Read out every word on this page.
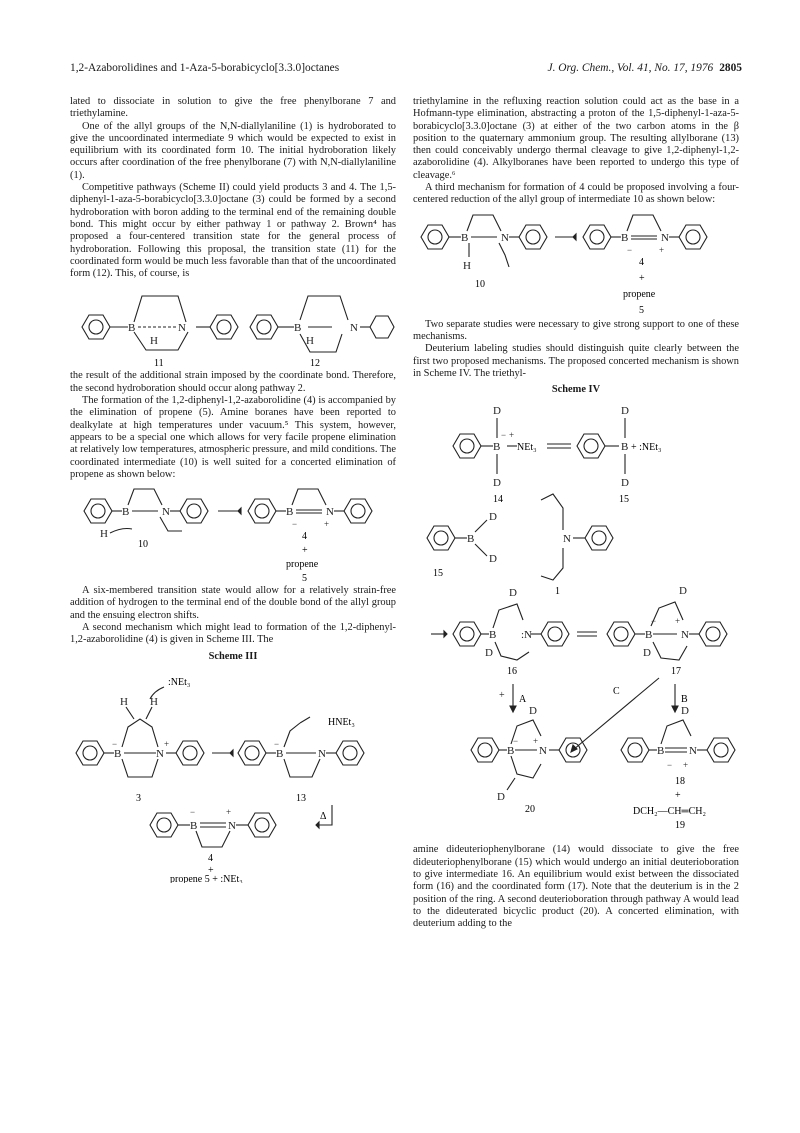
1,2-Azaborolidines and 1-Aza-5-borabicyclo[3.3.0]octanes	J. Org. Chem., Vol. 41, No. 17, 1976 2805

lated to dissociate in solution to give the free phenylborane 7 and triethylamine.

One of the allyl groups of the N,N-diallylaniline (1) is hydroborated to give the uncoordinated intermediate 9 which would be expected to exist in equilibrium with its coordinated form 10. The initial hydroboration likely occurs after coordination of the free phenylborane (7) with N,N-diallylaniline (1).

Competitive pathways (Scheme II) could yield products 3 and 4. The 1,5-diphenyl-1-aza-5-borabicyclo[3.3.0]octane (3) could be formed by a second hydroboration with boron adding to the terminal end of the remaining double bond. This might occur by either pathway 1 or pathway 2. Brown⁴ has proposed a four-centered transition state for the general process of hydroboration. Following this proposal, the transition state (11) for the coordinated form would be much less favorable than that of the uncoordinated form (12). This, of course, is

B	N	B	N
H	H
11	12

the result of the additional strain imposed by the coordinate bond. Therefore, the second hydroboration should occur along pathway 2.

The formation of the 1,2-diphenyl-1,2-azaborolidine (4) is accompanied by the elimination of propene (5). Amine boranes have been reported to dealkylate at high temperatures under vacuum.⁵ This system, however, appears to be a special one which allows for very facile propene elimination at relatively low temperatures, atmospheric pressure, and mild conditions. The coordinated intermediate (10) is well suited for a concerted elimination of propene as shown below:

B	N
H
B	N
−	+
10
4
+
propene
5

A six-membered transition state would allow for a relatively strain-free addition of hydrogen to the terminal end of the double bond of the allyl group and the ensuing electron shifts.

A second mechanism which might lead to formation of the 1,2-diphenyl-1,2-azaborolidine (4) is given in Scheme III. The

Scheme III
B	N
H H
B	N
B	N
−	+	−
−	+
:NEt₃
HNEt₃
3	13
Δ
4
+
propene 5 + :NEt₃

triethylamine in the refluxing reaction solution could act as the base in a Hofmann-type elimination, abstracting a proton of the 1,5-diphenyl-1-aza-5-borabicyclo[3.3.0]octane (3) at either of the two carbon atoms in the β position to the quaternary ammonium group. The resulting allylborane (13) then could conceivably undergo thermal cleavage to give 1,2-diphenyl-1,2-azaborolidine (4). Alkylboranes have been reported to undergo this type of cleavage.⁶

A third mechanism for formation of 4 could be proposed involving a four-centered reduction of the allyl group of intermediate 10 as shown below:

B	N
H
B	N
−	+
10
4
+
propene
5

Two separate studies were necessary to give strong support to one of these mechanisms.

Deuterium labeling studies should distinguish quite clearly between the first two proposed mechanisms. The proposed concerted mechanism is shown in Scheme IV. The triethyl-

Scheme IV
D
B
D
− +
D
B
D
B
D
D
N
+
D
B :N
D
D
B	N
D
− +
D
B N
D
− +
D
B N
− +
NEt₃	+ :NEt₃
14	15
15
1
16	17
A
C
B
20
18
+
DCH₂—CH═CH₂
19

amine dideuteriophenylborane (14) would dissociate to give the free dideuteriophenylborane (15) which would undergo an initial deuterioboration to give intermediate 16. An equilibrium would exist between the dissociated form (16) and the coordinated form (17). Note that the deuterium is in the 2 position of the ring. A second deuterioboration through pathway A would lead to the dideuterated bicyclic product (20). A concerted elimination, with deuterium adding to the
